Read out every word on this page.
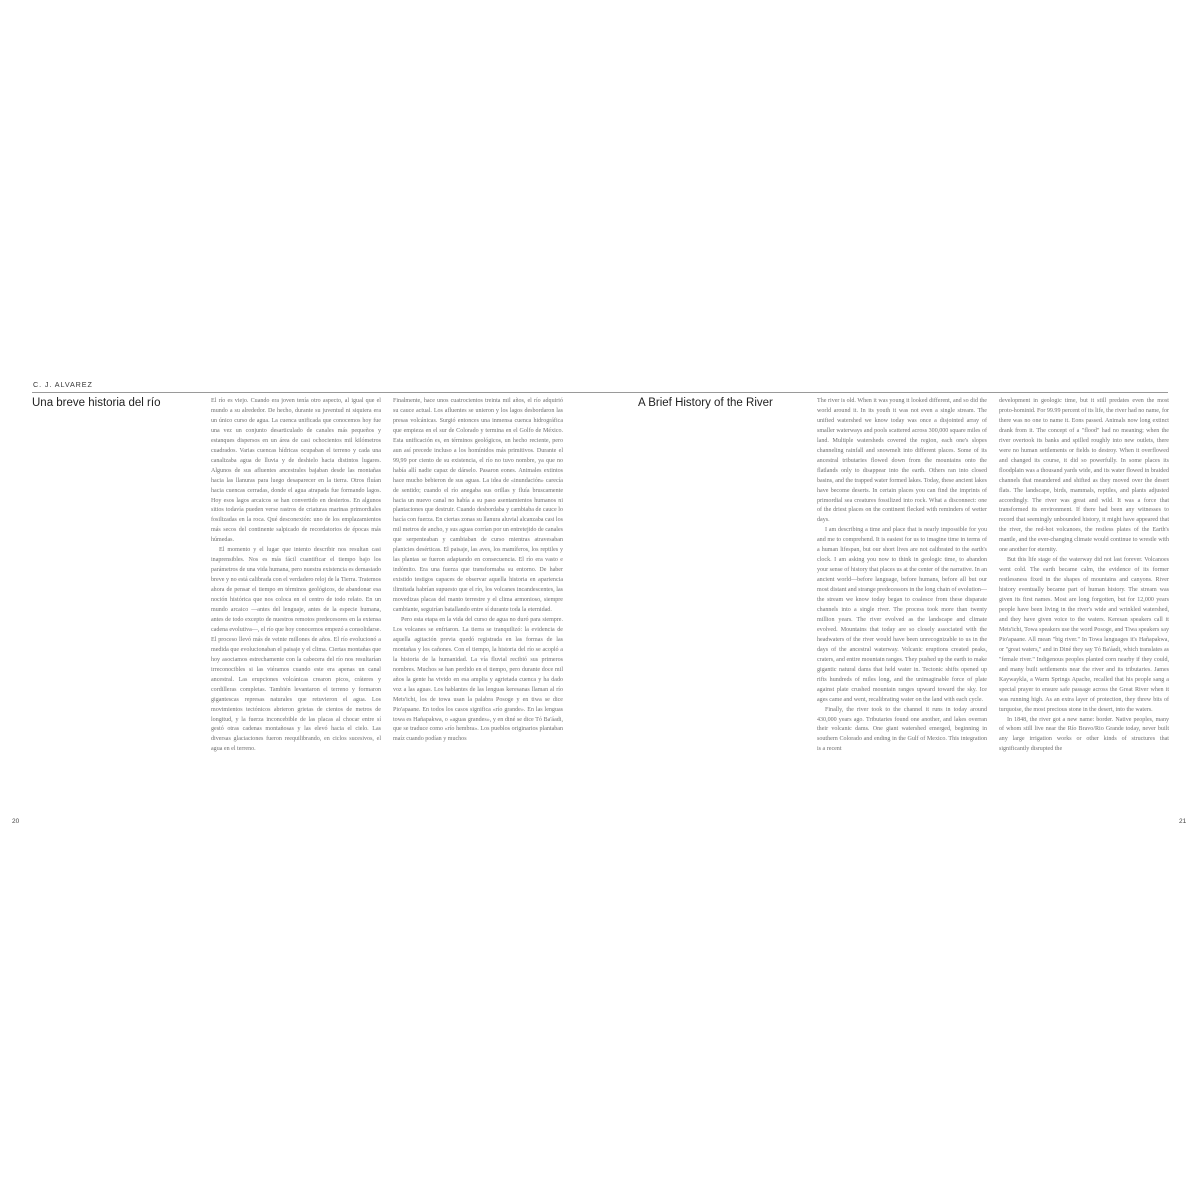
C. J. ALVAREZ
Una breve historia del río	El río es viejo. Cuando era joven tenía otro aspecto, al igual que el mundo a su alrededor. De hecho, durante su juventud ni siquiera era un único curso de agua. La cuenca unificada que conocemos hoy fue una vez un conjunto desarticulado de canales más pequeños y estanques dispersos en un área de casi ochocientos mil kilómetros cuadrados. Varias cuencas hídricas ocupaban el terreno y cada una canalizaba agua de lluvia y de deshielo hacia distintos lugares. Algunos de sus afluentes ancestrales bajaban desde las montañas hacia las llanuras para luego desaparecer en la tierra. Otros fluían hacia cuencas cerradas, donde el agua atrapada fue formando lagos. Hoy esos lagos arcaicos se han convertido en desiertos. En algunos sitios todavía pueden verse rastros de criaturas marinas primordiales fosilizadas en la roca. Qué desconexión: uno de los emplazamientos más secos del continente salpicado de recordatorios de épocas más húmedas.

El momento y el lugar que intento describir nos resultan casi inaprensibles. Nos es más fácil cuantificar el tiempo bajo los parámetros de una vida humana, pero nuestra existencia es demasiado breve y no está calibrada con el verdadero reloj de la Tierra. Tratemos ahora de pensar el tiempo en términos geológicos, de abandonar esa noción histórica que nos coloca en el centro de todo relato. En un mundo arcaico —antes del lenguaje, antes de la especie humana, antes de todo excepto de nuestros remotos predecesores en la extensa cadena evolutiva—, el río que hoy conocemos empezó a consolidarse. El proceso llevó más de veinte millones de años. El río evolucionó a medida que evolucionaban el paisaje y el clima. Ciertas montañas que hoy asociamos estrechamente con la cabecera del río nos resultarían irreconocibles si las viéramos cuando este era apenas un canal ancestral. Las erupciones volcánicas crearon picos, cráteres y cordilleras completas. También levantaron el terreno y formaron gigantescas represas naturales que retuvieron el agua. Los movimientos tectónicos abrieron grietas de cientos de metros de longitud, y la fuerza inconcebible de las placas al chocar entre sí gestó otras cadenas montañosas y las elevó hacia el cielo. Las diversas glaciaciones fueron reequilibrando, en ciclos sucesivos, el agua en el terreno.

Finalmente, hace unos cuatrocientos treinta mil años, el río adquirió su cauce actual. Los afluentes se unieron y los lagos desbordaron las presas volcánicas. Surgió entonces una inmensa cuenca hidrográfica que empieza en el sur de Colorado y termina en el Golfo de México. Esta unificación es, en términos geológicos, un hecho reciente, pero aun así precede incluso a los homínidos más primitivos. Durante el 99,99 por ciento de su existencia, el río no tuvo nombre, ya que no había allí nadie capaz de dárselo. Pasaron eones. Animales extintos hace mucho bebieron de sus aguas. La idea de «inundación» carecía de sentido; cuando el río anegaba sus orillas y fluía bruscamente hacia un nuevo canal no había a su paso asentamientos humanos ni plantaciones que destruir. Cuando desbordaba y cambiaba de cauce lo hacía con fuerza. En ciertas zonas su llanura aluvial alcanzaba casi los mil metros de ancho, y sus aguas corrían por un entretejido de canales que serpenteaban y cambiaban de curso mientras atravesaban planicies desérticas. El paisaje, las aves, los mamíferos, los reptiles y las plantas se fueron adaptando en consecuencia. El río era vasto e indómito. Era una fuerza que transformaba su entorno. De haber existido testigos capaces de observar aquella historia en apariencia ilimitada habrían supuesto que el río, los volcanes incandescentes, las movedizas placas del manto terrestre y el clima armonioso, siempre cambiante, seguirían batallando entre sí durante toda la eternidad.

Pero esta etapa en la vida del curso de agua no duró para siempre. Los volcanes se enfriaron. La tierra se tranquilizó: la evidencia de aquella agitación previa quedó registrada en las formas de las montañas y los cañones. Con el tiempo, la historia del río se acopló a la historia de la humanidad. La vía fluvial recibió sus primeros nombres. Muchos se han perdido en el tiempo, pero durante doce mil años la gente ha vivido en esa amplia y agrietada cuenca y ha dado voz a las aguas. Los hablantes de las lenguas keresanas llaman al río Mets'ichi, los de towa usan la palabra Posoge y en tiwa se dice Pio'apaane. En todos los casos significa «río grande». En las lenguas towa es Hañapakwa, o «aguas grandes», y en diné se dice Tó Ba'áadi, que se traduce como «río hembra». Los pueblos originarios plantaban maíz cuando podían y muchos

A Brief History of the River	The river is old. When it was young it looked different, and so did the world around it. In its youth it was not even a single stream. The unified watershed we know today was once a disjointed array of smaller waterways and pools scattered across 300,000 square miles of land. Multiple watersheds covered the region, each one's slopes channeling rainfall and snowmelt into different places. Some of its ancestral tributaries flowed down from the mountains onto the flatlands only to disappear into the earth. Others ran into closed basins, and the trapped water formed lakes. Today, these ancient lakes have become deserts. In certain places you can find the imprints of primordial sea creatures fossilized into rock. What a disconnect: one of the driest places on the continent flecked with reminders of wetter days.

I am describing a time and place that is nearly impossible for you and me to comprehend. It is easiest for us to imagine time in terms of a human lifespan, but our short lives are not calibrated to the earth's clock. I am asking you now to think in geologic time, to abandon your sense of history that places us at the center of the narrative. In an ancient world—before language, before humans, before all but our most distant and strange predecessors in the long chain of evolution—the stream we know today began to coalesce from these disparate channels into a single river. The process took more than twenty million years. The river evolved as the landscape and climate evolved. Mountains that today are so closely associated with the headwaters of the river would have been unrecognizable to us in the days of the ancestral waterway. Volcanic eruptions created peaks, craters, and entire mountain ranges. They pushed up the earth to make gigantic natural dams that held water in. Tectonic shifts opened up rifts hundreds of miles long, and the unimaginable force of plate against plate crushed mountain ranges upward toward the sky. Ice ages came and went, recalibrating water on the land with each cycle.

Finally, the river took to the channel it runs in today around 430,000 years ago. Tributaries found one another, and lakes overran their volcanic dams. One giant watershed emerged, beginning in southern Colorado and ending in the Gulf of Mexico. This integration is a recent

development in geologic time, but it still predates even the most proto-hominid. For 99.99 percent of its life, the river had no name, for there was no one to name it. Eons passed. Animals now long extinct drank from it. The concept of a "flood" had no meaning; when the river overtook its banks and spilled roughly into new outlets, there were no human settlements or fields to destroy. When it overflowed and changed its course, it did so powerfully. In some places its floodplain was a thousand yards wide, and its water flowed in braided channels that meandered and shifted as they moved over the desert flats. The landscape, birds, mammals, reptiles, and plants adjusted accordingly. The river was great and wild. It was a force that transformed its environment. If there had been any witnesses to record that seemingly unbounded history, it might have appeared that the river, the red-hot volcanoes, the restless plates of the Earth's mantle, and the ever-changing climate would continue to wrestle with one another for eternity.

But this life stage of the waterway did not last forever. Volcanoes went cold. The earth became calm, the evidence of its former restlessness fixed in the shapes of mountains and canyons. River history eventually became part of human history. The stream was given its first names. Most are long forgotten, but for 12,000 years people have been living in the river's wide and wrinkled watershed, and they have given voice to the waters. Keresan speakers call it Mets'ichi, Towa speakers use the word Posoge, and Tiwa speakers say Pio'apaane. All mean "big river." In Towa languages it's Hañapakwa, or "great waters," and in Diné they say Tó Ba'áadi, which translates as "female river." Indigenous peoples planted corn nearby if they could, and many built settlements near the river and its tributaries. James Kaywaykla, a Warm Springs Apache, recalled that his people sang a special prayer to ensure safe passage across the Great River when it was running high. As an extra layer of protection, they threw bits of turquoise, the most precious stone in the desert, into the waters.

In 1848, the river got a new name: border. Native peoples, many of whom still live near the Río Bravo/Rio Grande today, never built any large irrigation works or other kinds of structures that significantly disrupted the

20	21
